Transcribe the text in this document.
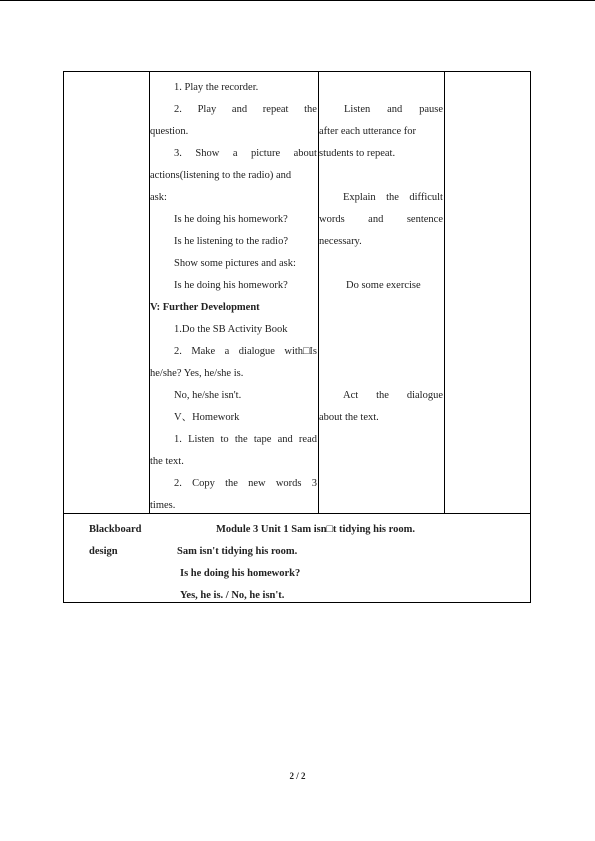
1. Play the recorder.
2. Play and repeat the
question.
3. Show a picture about
actions(listening to the radio) and
ask:
Is he doing his homework?
Is he listening to the radio?
Show some pictures and ask:
Is he doing his homework?
V: Further Development
1.Do the SB Activity Book
2. Make a dialogue with□Is
he/she? Yes, he/she is.
No, he/she isn't.
V、Homework
1. Listen to the tape and read
the text.
2. Copy the new words 3
times.
Listen and pause
after each utterance for
students to repeat.
Explain the difficult
words and sentence
necessary.
Do some exercise
Act the dialogue
about the text.
Blackboard
design
Module 3 Unit 1 Sam isn□t tidying his room.
Sam isn't tidying his room.
Is he doing his homework?
Yes, he is. / No, he isn't.
2 / 2
